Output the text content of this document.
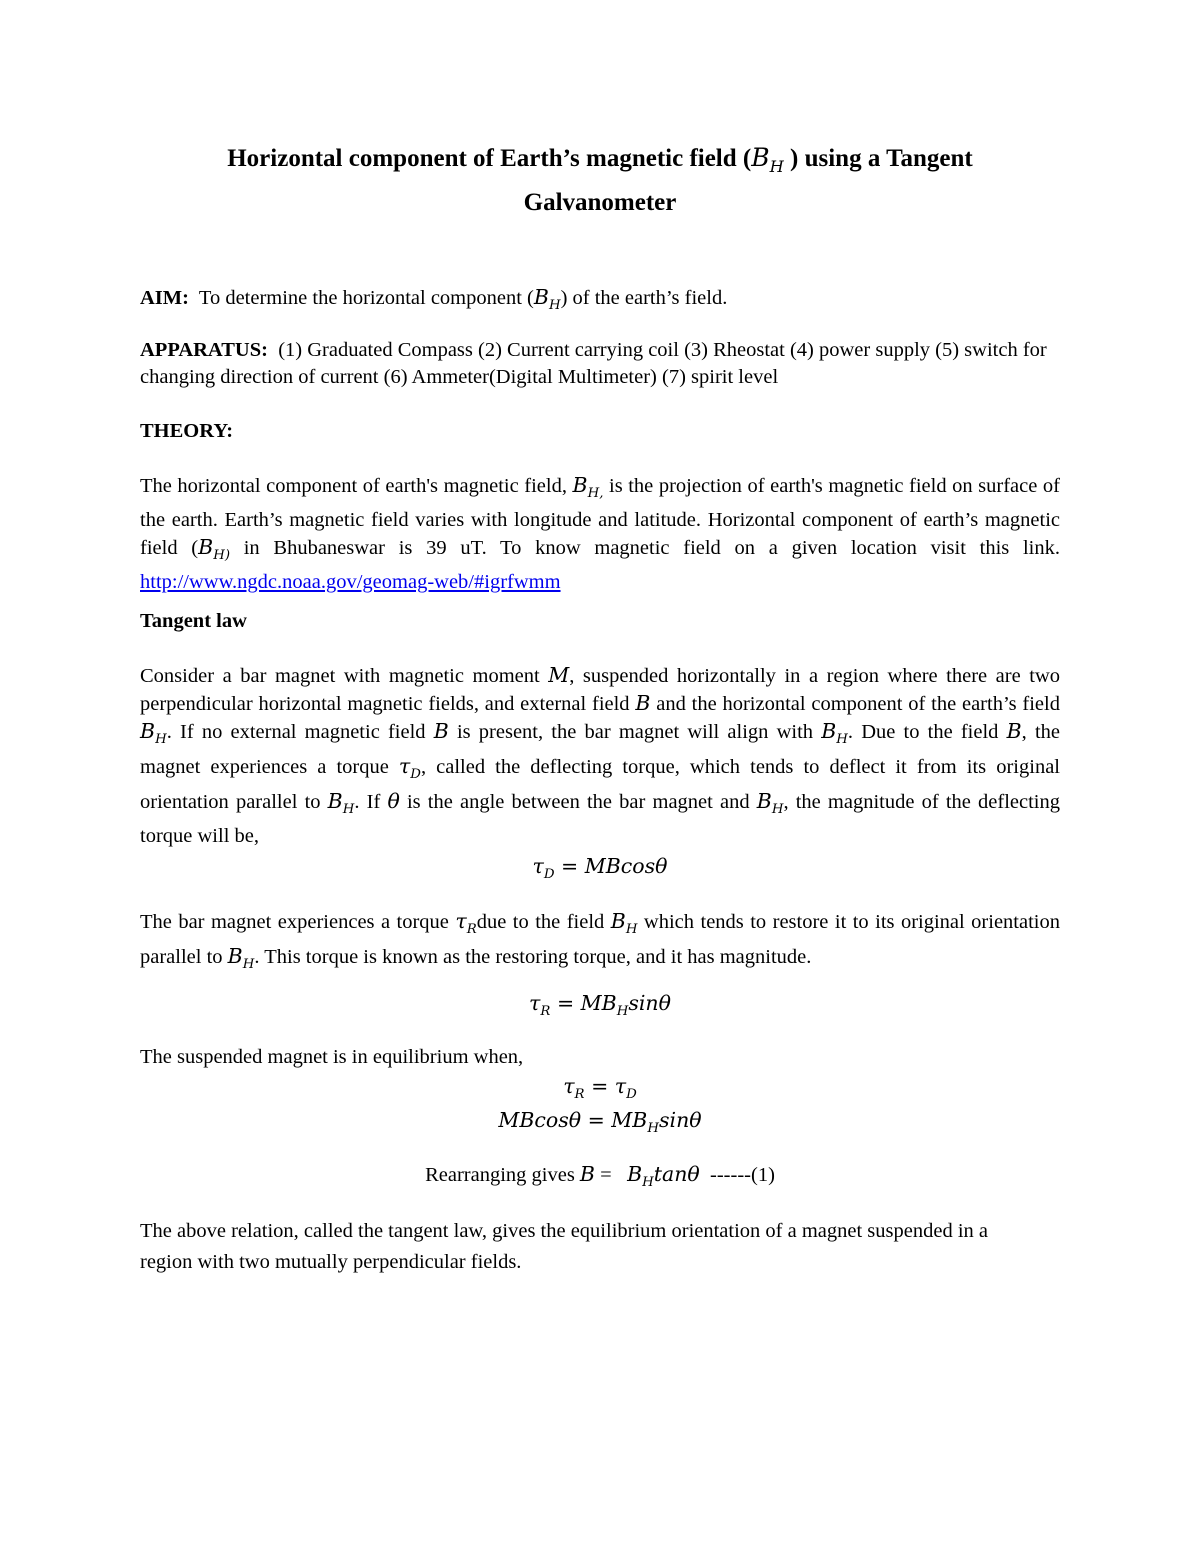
Horizontal component of Earth’s magnetic field ($B_H$ ) using a Tangent
Galvanometer
AIM: To determine the horizontal component $(B_H)$ of the earth’s field.
APPARATUS: (1) Graduated Compass (2) Current carrying coil (3) Rheostat (4) power supply (5) switch for changing direction of current (6) Ammeter(Digital Multimeter) (7) spirit level
THEORY:
The horizontal component of earth's magnetic field, $B_{H,}$ is the projection of earth's magnetic field on surface of the earth. Earth’s magnetic field varies with longitude and latitude. Horizontal component of earth’s magnetic field ($B_{H)}$ in Bhubaneswar is 39 uT. To know magnetic field on a given location visit this link. http://www.ngdc.noaa.gov/geomag-web/#igrfwmm
Tangent law
Consider a bar magnet with magnetic moment M, suspended horizontally in a region where there are two perpendicular horizontal magnetic fields, and external field B and the horizontal component of the earth’s field $B_H$. If no external magnetic field B is present, the bar magnet will align with $B_H$. Due to the field B, the magnet experiences a torque $\tau_D$, called the deflecting torque, which tends to deflect it from its original orientation parallel to $B_H$. If θ is the angle between the bar magnet and $B_H$, the magnitude of the deflecting torque will be,
$\tau_D = MBcos\theta$
The bar magnet experiences a torque $\tau_Rdue$ to the field $B_H$ which tends to restore it to its original orientation parallel to $B_H$. This torque is known as the restoring torque, and it has magnitude.
$\tau_R = MB_H\sin\theta$
The suspended magnet is in equilibrium when,
$\tau_R = \tau_D$
$MBcos\theta = MB_H\sin\theta$
Rearranging gives $B = B_H\tan\theta$ ------(1)
The above relation, called the tangent law, gives the equilibrium orientation of a magnet suspended in a region with two mutually perpendicular fields.
